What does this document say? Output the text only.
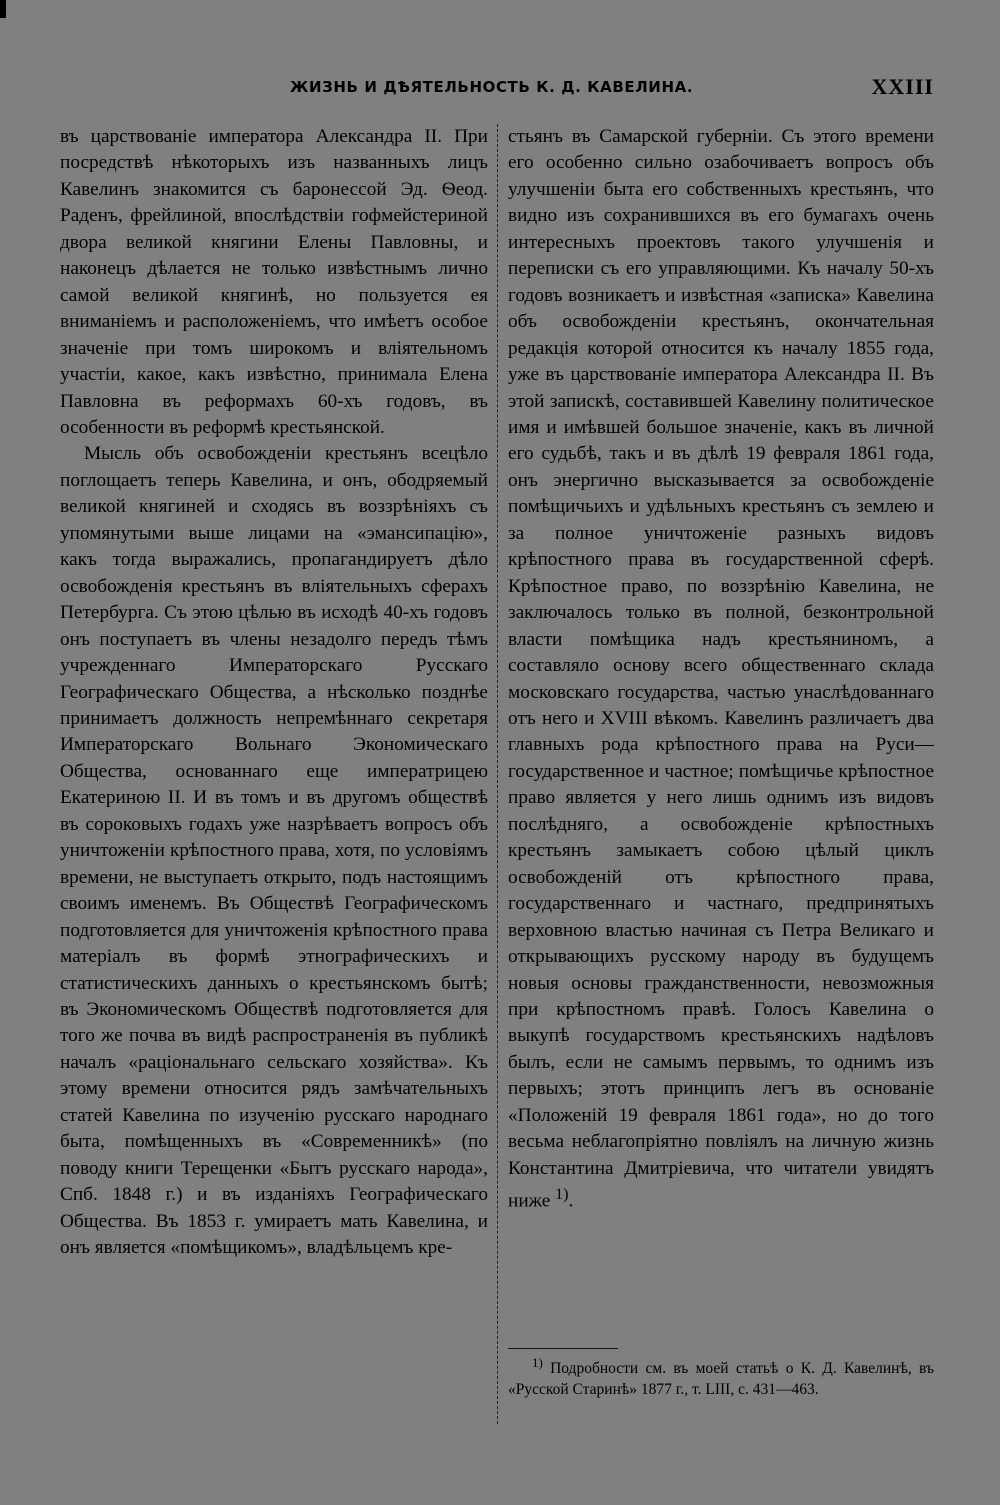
ЖИЗНЬ И ДѢЯТЕЛЬНОСТЬ К. Д. КАВЕЛИНА.	XXIII

въ царствованіе императора Александра II. При посредствѣ нѣкоторыхъ изъ названныхъ лицъ Кавелинъ знакомится съ баронессой Эд. Ѳеод. Раденъ, фрейлиной, впослѣдствіи гофмейстериной двора великой княгини Елены Павловны, и наконецъ дѣлается не только извѣстнымъ лично самой великой княгинѣ, но пользуется ея вниманіемъ и расположеніемъ, что имѣетъ особое значеніе при томъ широкомъ и вліятельномъ участіи, какое, какъ извѣстно, принимала Елена Павловна въ реформахъ 60-хъ годовъ, въ особенности въ реформѣ крестьянской.

Мысль объ освобожденіи крестьянъ всецѣло поглощаетъ теперь Кавелина, и онъ, ободряемый великой княгиней и сходясь въ воззрѣніяхъ съ упомянутыми выше лицами на «эмансипацію», какъ тогда выражались, пропагандируетъ дѣло освобожденія крестьянъ въ вліятельныхъ сферахъ Петербурга. Съ этою цѣлью въ исходѣ 40-хъ годовъ онъ поступаетъ въ члены незадолго передъ тѣмъ учрежденнаго Императорскаго Русскаго Географическаго Общества, а нѣсколько позднѣе принимаетъ должность непремѣннаго секретаря Императорскаго Вольнаго Экономическаго Общества, основаннаго еще императрицею Екатериною II. И въ томъ и въ другомъ обществѣ въ сороковыхъ годахъ уже назрѣваетъ вопросъ объ уничтоженіи крѣпостного права, хотя, по условіямъ времени, не выступаетъ открыто, подъ настоящимъ своимъ именемъ. Въ Обществѣ Географическомъ подготовляется для уничтоженія крѣпостного права матеріалъ въ формѣ этнографическихъ и статистическихъ данныхъ о крестьянскомъ бытѣ; въ Экономическомъ Обществѣ подготовляется для того же почва въ видѣ распространенія въ публикѣ началъ «раціональнаго сельскаго хозяйства». Къ этому времени относится рядъ замѣчательныхъ статей Кавелина по изученію русскаго народнаго быта, помѣщенныхъ въ «Современникѣ» (по поводу книги Терещенки «Бытъ русскаго народа», Спб. 1848 г.) и въ изданіяхъ Географическаго Общества. Въ 1853 г. умираетъ мать Кавелина, и онъ является «помѣщикомъ», владѣльцемъ кре-

стьянъ въ Самарской губерніи. Съ этого времени его особенно сильно озабочиваетъ вопросъ объ улучшеніи быта его собственныхъ крестьянъ, что видно изъ сохранившихся въ его бумагахъ очень интересныхъ проектовъ такого улучшенія и переписки съ его управляющими. Къ началу 50-хъ годовъ возникаетъ и извѣстная «записка» Кавелина объ освобожденіи крестьянъ, окончательная редакція которой относится къ началу 1855 года, уже въ царствованіе императора Александра II. Въ этой запискѣ, составившей Кавелину политическое имя и имѣвшей большое значеніе, какъ въ личной его судьбѣ, такъ и въ дѣлѣ 19 февраля 1861 года, онъ энергично высказывается за освобожденіе помѣщичьихъ и удѣльныхъ крестьянъ съ землею и за полное уничтоженіе разныхъ видовъ крѣпостного права въ государственной сферѣ. Крѣпостное право, по воззрѣнію Кавелина, не заключалось только въ полной, безконтрольной власти помѣщика надъ крестьяниномъ, а составляло основу всего общественнаго склада московскаго государства, частью унаслѣдованнаго отъ него и XVIII вѣкомъ. Кавелинъ различаетъ два главныхъ рода крѣпостного права на Руси—государственное и частное; помѣщичье крѣпостное право является у него лишь однимъ изъ видовъ послѣдняго, а освобожденіе крѣпостныхъ крестьянъ замыкаетъ собою цѣлый циклъ освобожденій отъ крѣпостного права, государственнаго и частнаго, предпринятыхъ верховною властью начиная съ Петра Великаго и открывающихъ русскому народу въ будущемъ новыя основы гражданственности, невозможныя при крѣпостномъ правѣ. Голосъ Кавелина о выкупѣ государствомъ крестьянскихъ надѣловъ былъ, если не самымъ первымъ, то однимъ изъ первыхъ; этотъ принципъ легъ въ основаніе «Положеній 19 февраля 1861 года», но до того весьма неблагопріятно повліялъ на личную жизнь Константина Дмитріевича, что читатели увидятъ ниже $^{1)}$.

$^{1)}$ Подробности см. въ моей статьѣ о К. Д. Кавелинѣ, въ «Русской Старинѣ» 1877 г., т. LIII, с. 431—463.
